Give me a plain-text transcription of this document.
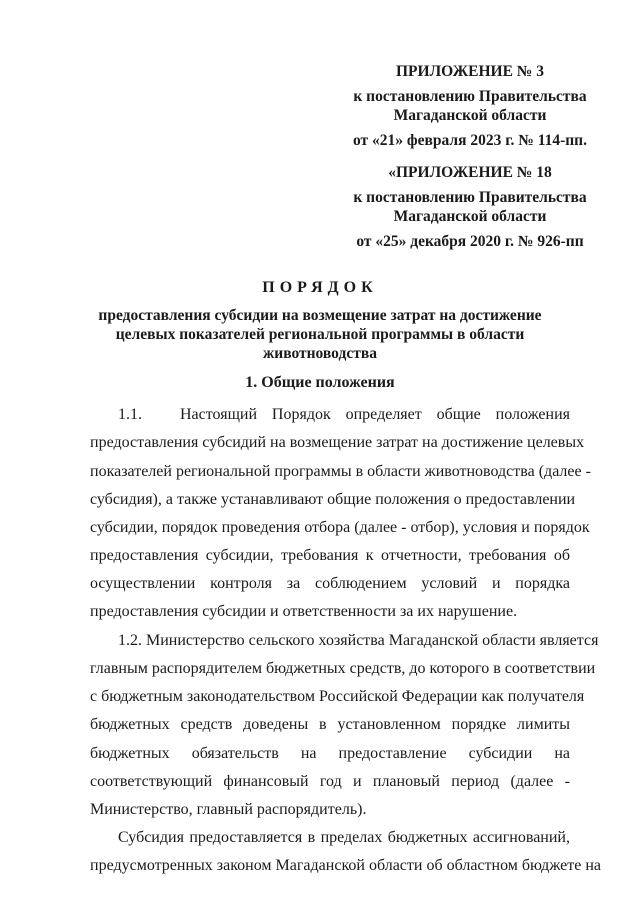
ПРИЛОЖЕНИЕ № 3
к постановлению Правительства
Магаданской области
от «21» февраля 2023 г. № 114-пп.
«ПРИЛОЖЕНИЕ № 18
к постановлению Правительства
Магаданской области
от «25» декабря 2020 г. № 926-пп
ПОРЯДОК
предоставления субсидии на возмещение затрат на достижение
целевых показателей региональной программы в области
животноводства
1. Общие положения
1.1. Настоящий Порядок определяет общие положения
предоставления субсидий на возмещение затрат на достижение целевых
показателей региональной программы в области животноводства (далее -
субсидия), а также устанавливают общие положения о предоставлении
субсидии, порядок проведения отбора (далее - отбор), условия и порядок
предоставления субсидии, требования к отчетности, требования об
осуществлении контроля за соблюдением условий и порядка
предоставления субсидии и ответственности за их нарушение.
1.2. Министерство сельского хозяйства Магаданской области является
главным распорядителем бюджетных средств, до которого в соответствии
с бюджетным законодательством Российской Федерации как получателя
бюджетных средств доведены в установленном порядке лимиты
бюджетных обязательств на предоставление субсидии на
соответствующий финансовый год и плановый период (далее -
Министерство, главный распорядитель).
Субсидия предоставляется в пределах бюджетных ассигнований,
предусмотренных законом Магаданской области об областном бюджете на
